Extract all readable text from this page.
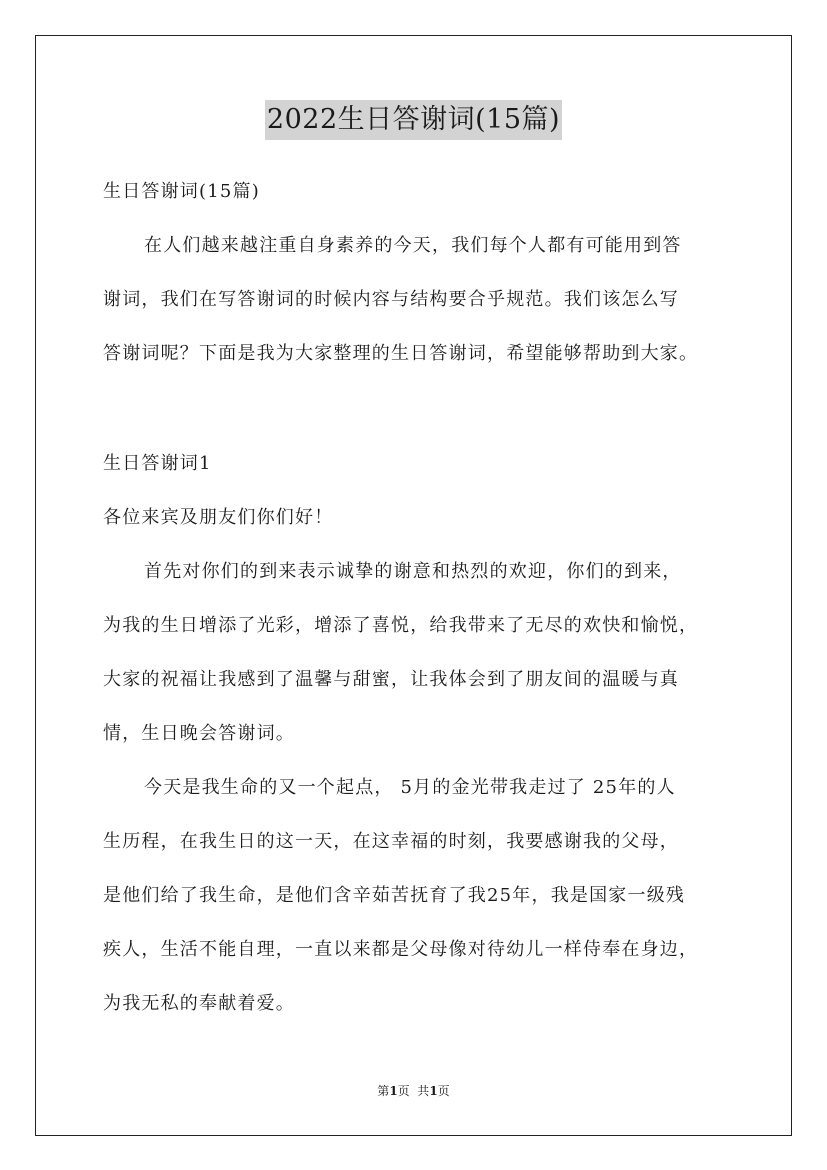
2022生日答谢词(15篇)
生日答谢词(15篇)
在人们越来越注重自身素养的今天，我们每个人都有可能用到答
谢词，我们在写答谢词的时候内容与结构要合乎规范。我们该怎么写
答谢词呢？下面是我为大家整理的生日答谢词，希望能够帮助到大家。
生日答谢词1
各位来宾及朋友们你们好！
首先对你们的到来表示诚挚的谢意和热烈的欢迎，你们的到来，
为我的生日增添了光彩，增添了喜悦，给我带来了无尽的欢快和愉悦，
大家的祝福让我感到了温馨与甜蜜，让我体会到了朋友间的温暖与真
情，生日晚会答谢词。
今天是我生命的又一个起点， 5月的金光带我走过了 25年的人
生历程，在我生日的这一天，在这幸福的时刻，我要感谢我的父母，
是他们给了我生命，是他们含辛茹苦抚育了我25年，我是国家一级残
疾人，生活不能自理，一直以来都是父母像对待幼儿一样侍奉在身边，
为我无私的奉献着爱。
第1页  共1页
